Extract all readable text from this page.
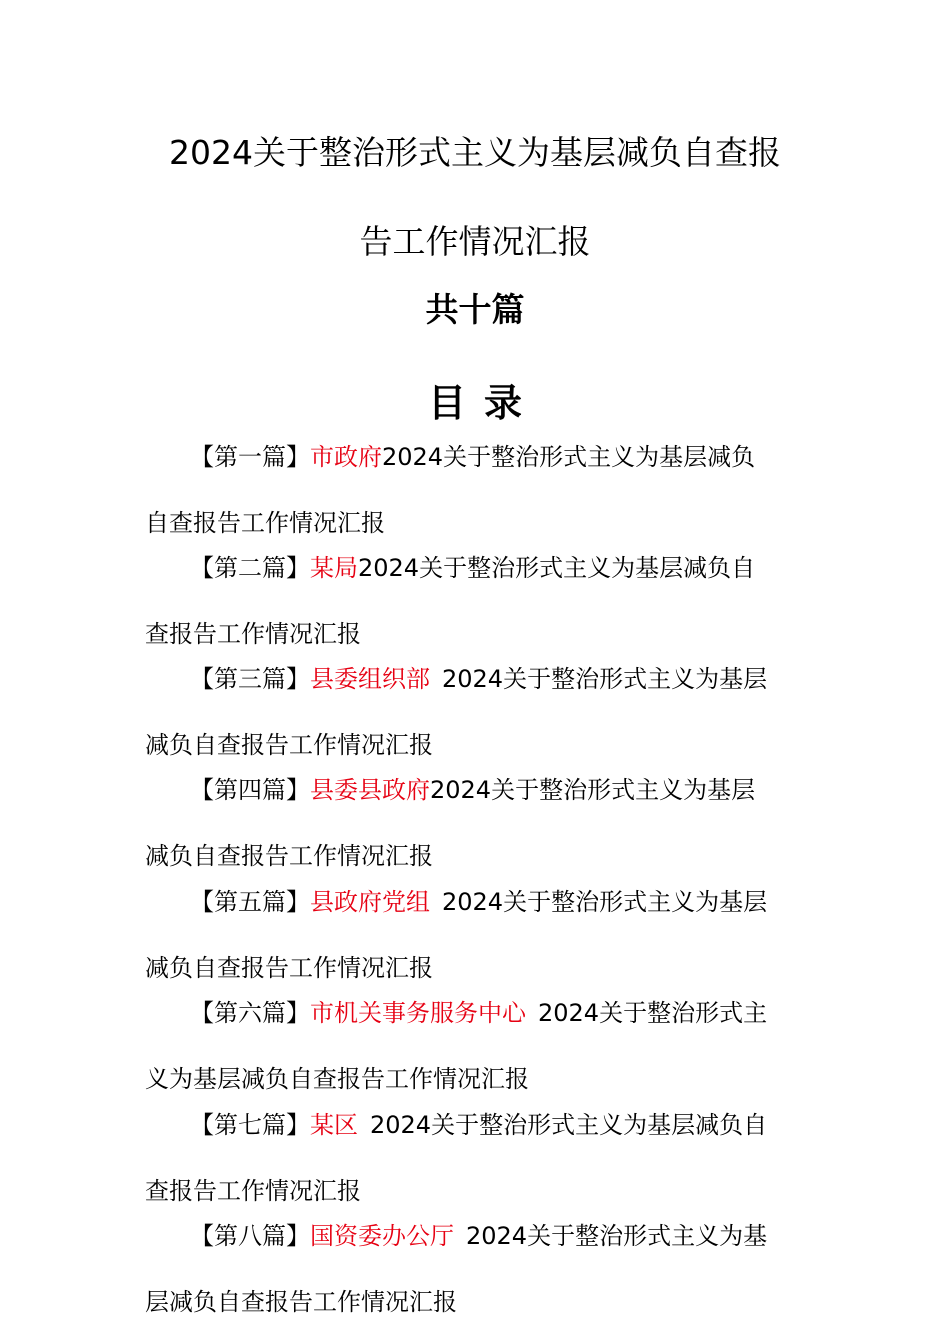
2024关于整治形式主义为基层减负自查报
告工作情况汇报
共十篇
目录
【第一篇】市政府2024关于整治形式主义为基层减负
自查报告工作情况汇报
【第二篇】某局2024关于整治形式主义为基层减负自
查报告工作情况汇报
【第三篇】县委组织部 2024关于整治形式主义为基层
减负自查报告工作情况汇报
【第四篇】县委县政府2024关于整治形式主义为基层
减负自查报告工作情况汇报
【第五篇】县政府党组 2024关于整治形式主义为基层
减负自查报告工作情况汇报
【第六篇】市机关事务服务中心 2024关于整治形式主
义为基层减负自查报告工作情况汇报
【第七篇】某区 2024关于整治形式主义为基层减负自
查报告工作情况汇报
【第八篇】国资委办公厅 2024关于整治形式主义为基
层减负自查报告工作情况汇报
